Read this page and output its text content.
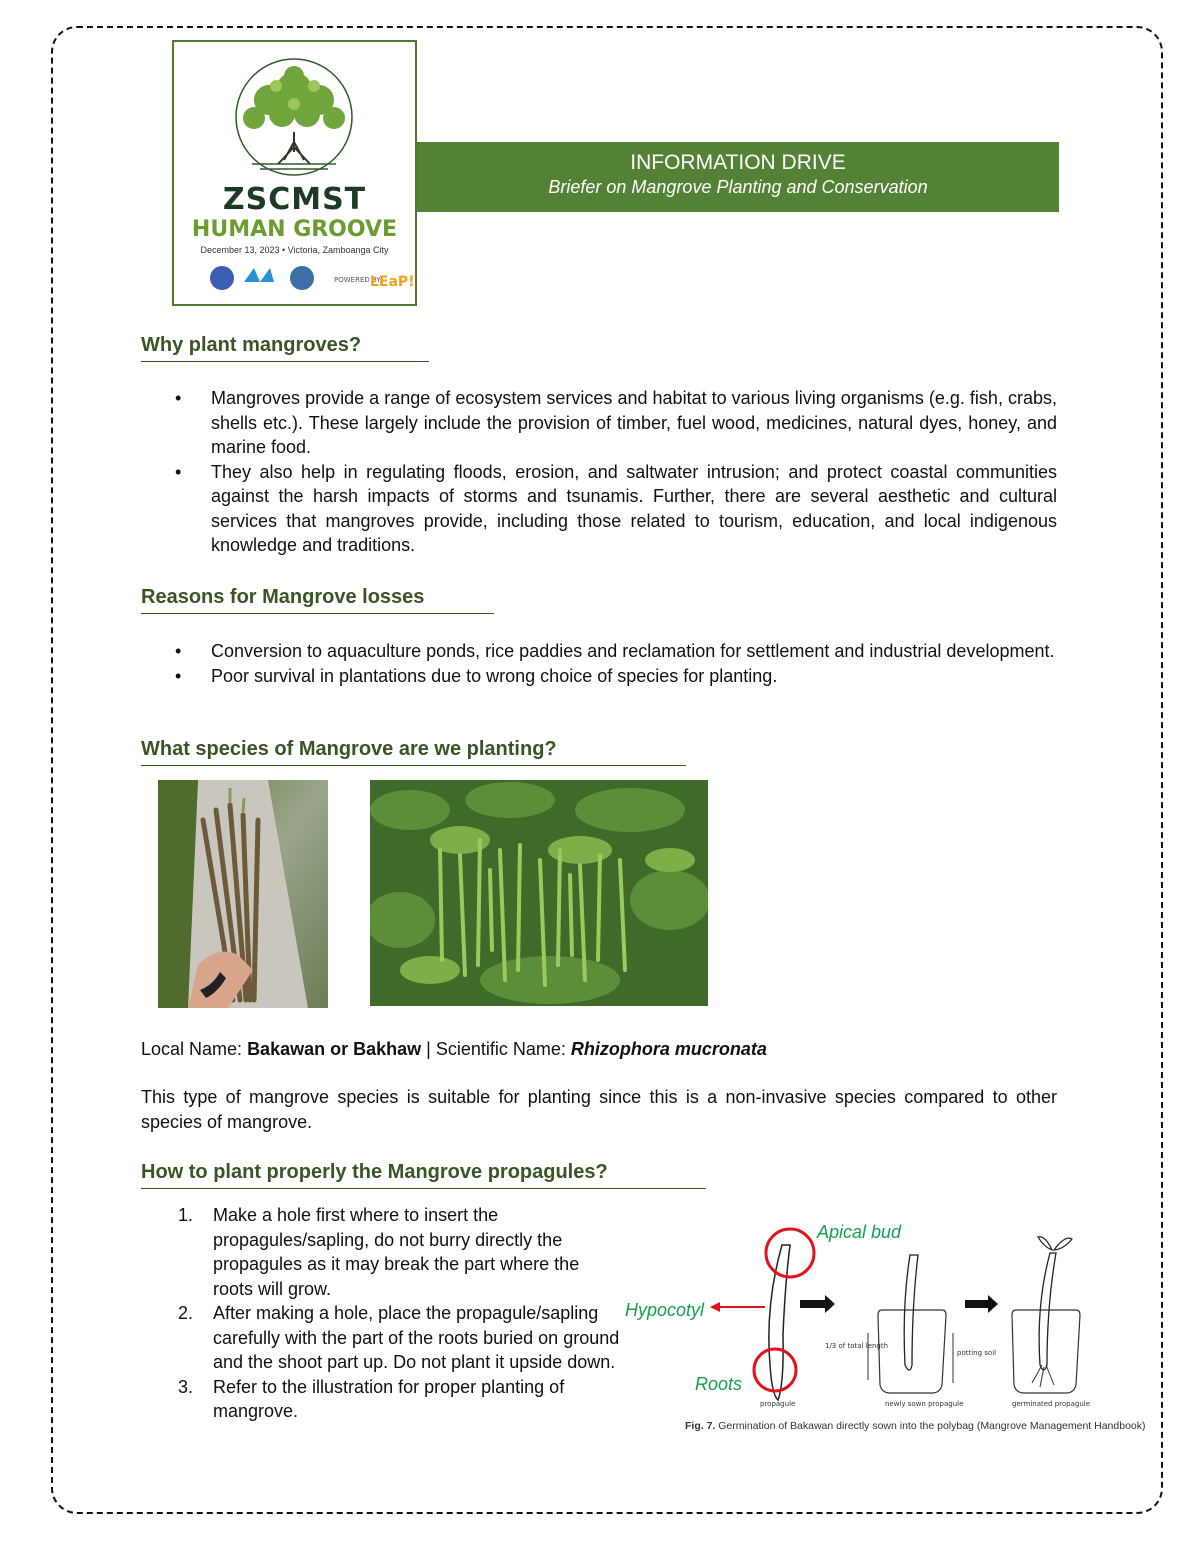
POWERED BY
LEaP!
ZSCMST
HUMAN GROOVE
December 13, 2023 • Victoria, Zamboanga City
INFORMATION DRIVE
Briefer on Mangrove Planting and Conservation
Why plant mangroves?
• Mangroves provide a range of ecosystem services and habitat to various living organisms (e.g. fish, crabs, shells etc.). These largely include the provision of timber, fuel wood, medicines, natural dyes, honey, and marine food.
• They also help in regulating floods, erosion, and saltwater intrusion; and protect coastal communities against the harsh impacts of storms and tsunamis. Further, there are several aesthetic and cultural services that mangroves provide, including those related to tourism, education, and local indigenous knowledge and traditions.
Reasons for Mangrove losses
• Conversion to aquaculture ponds, rice paddies and reclamation for settlement and industrial development.
• Poor survival in plantations due to wrong choice of species for planting.
What species of Mangrove are we planting?
Local Name: Bakawan or Bakhaw | Scientific Name: Rhizophora mucronata
This type of mangrove species is suitable for planting since this is a non-invasive species compared to other species of mangrove.
How to plant properly the Mangrove propagules?
1. Make a hole first where to insert the propagules/sapling, do not burry directly the propagules as it may break the part where the roots will grow.
2. After making a hole, place the propagule/sapling carefully with the part of the roots buried on ground and the shoot part up. Do not plant it upside down.
3. Refer to the illustration for proper planting of mangrove.	propagule
1/3 of total length
potting soil
newly sown propagule	germinated propagule
Apical bud
Hypocotyl
Roots
Fig. 7. Germination of Bakawan directly sown into the polybag (Mangrove Management Handbook)
